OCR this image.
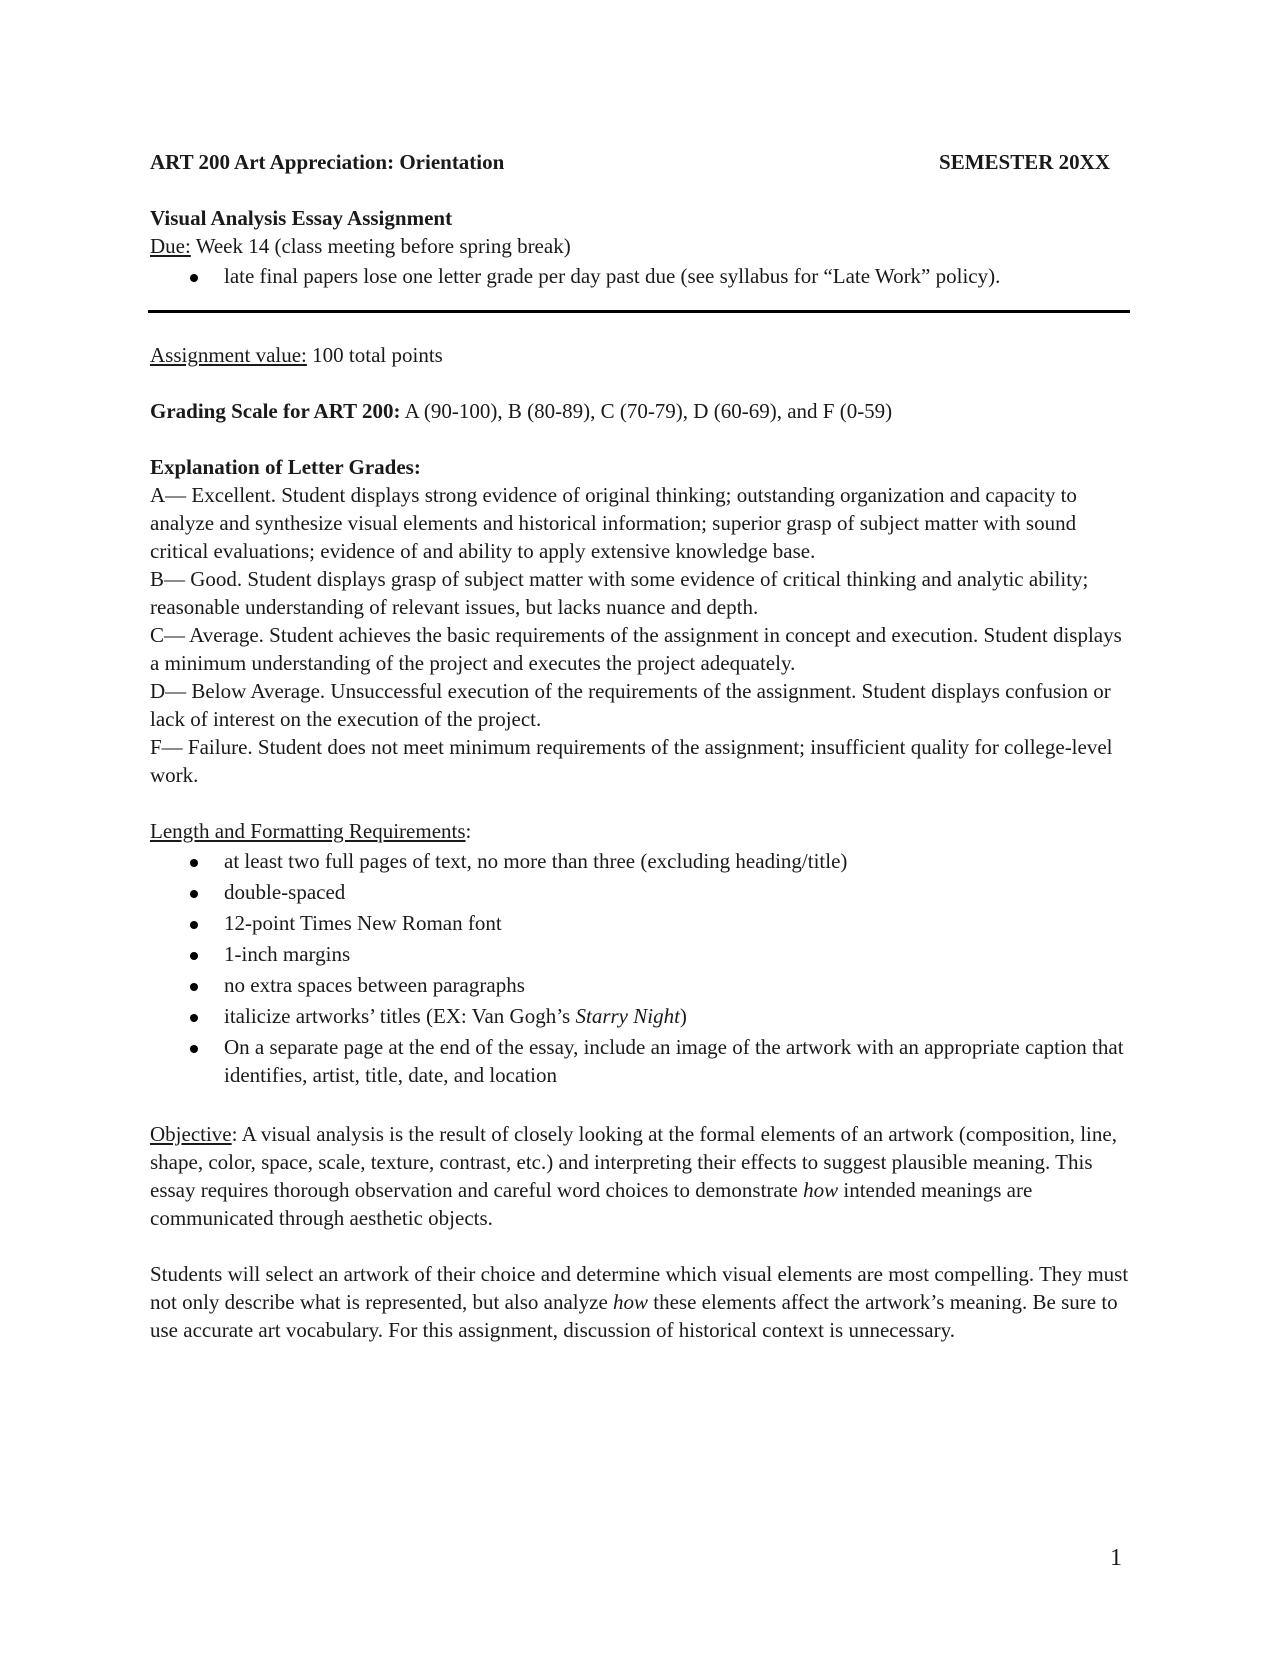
ART 200 Art Appreciation: Orientation	SEMESTER 20XX
Visual Analysis Essay Assignment
Due: Week 14 (class meeting before spring break)
late final papers lose one letter grade per day past due (see syllabus for “Late Work” policy).
Assignment value: 100 total points
Grading Scale for ART 200: A (90-100), B (80-89), C (70-79), D (60-69), and F (0-59)
Explanation of Letter Grades:
A— Excellent. Student displays strong evidence of original thinking; outstanding organization and capacity to analyze and synthesize visual elements and historical information; superior grasp of subject matter with sound critical evaluations; evidence of and ability to apply extensive knowledge base.
B— Good. Student displays grasp of subject matter with some evidence of critical thinking and analytic ability; reasonable understanding of relevant issues, but lacks nuance and depth.
C— Average. Student achieves the basic requirements of the assignment in concept and execution. Student displays a minimum understanding of the project and executes the project adequately.
D— Below Average. Unsuccessful execution of the requirements of the assignment. Student displays confusion or lack of interest on the execution of the project.
F— Failure. Student does not meet minimum requirements of the assignment; insufficient quality for college-level work.
Length and Formatting Requirements:
at least two full pages of text, no more than three (excluding heading/title)
double-spaced
12-point Times New Roman font
1-inch margins
no extra spaces between paragraphs
italicize artworks’ titles (EX: Van Gogh’s Starry Night)
On a separate page at the end of the essay, include an image of the artwork with an appropriate caption that identifies, artist, title, date, and location
Objective: A visual analysis is the result of closely looking at the formal elements of an artwork (composition, line, shape, color, space, scale, texture, contrast, etc.) and interpreting their effects to suggest plausible meaning. This essay requires thorough observation and careful word choices to demonstrate how intended meanings are communicated through aesthetic objects.
Students will select an artwork of their choice and determine which visual elements are most compelling. They must not only describe what is represented, but also analyze how these elements affect the artwork’s meaning. Be sure to use accurate art vocabulary. For this assignment, discussion of historical context is unnecessary.
1
